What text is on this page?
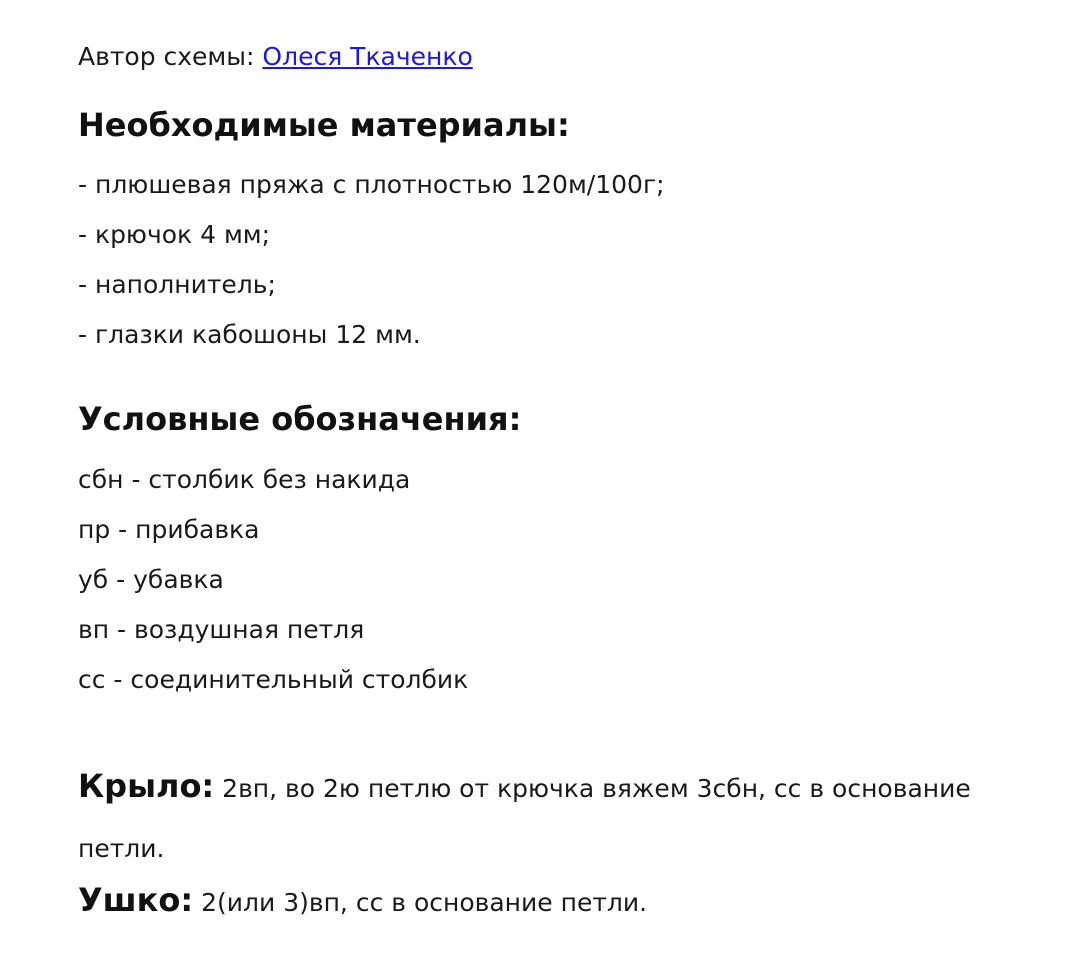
Автор схемы: Олеся Ткаченко
Необходимые материалы:
- плюшевая пряжа с плотностью 120м/100г;
- крючок 4 мм;
- наполнитель;
- глазки кабошоны 12 мм.
Условные обозначения:
сбн - столбик без накида
пр - прибавка
уб - убавка
вп - воздушная петля
сс - соединительный столбик
Крыло: 2вп, во 2ю петлю от крючка вяжем 3сбн, сс в основание петли.
Ушко: 2(или 3)вп, сс в основание петли.
